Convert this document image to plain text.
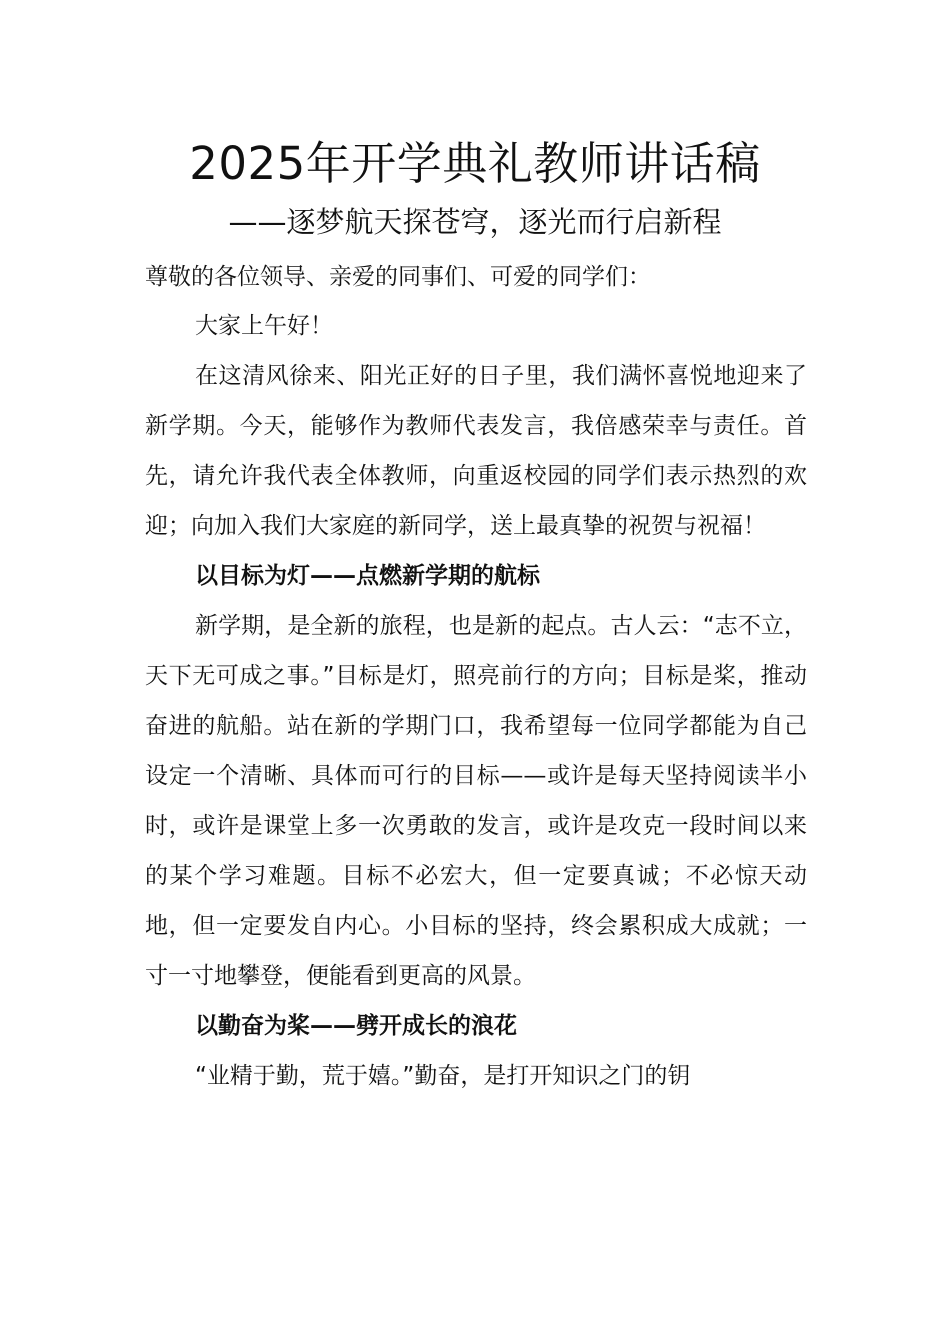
2025年开学典礼教师讲话稿
——逐梦航天探苍穹，逐光而行启新程
尊敬的各位领导、亲爱的同事们、可爱的同学们：

大家上午好！

在这清风徐来、阳光正好的日子里，我们满怀喜悦地迎来了新学期。今天，能够作为教师代表发言，我倍感荣幸与责任。首先，请允许我代表全体教师，向重返校园的同学们表示热烈的欢迎；向加入我们大家庭的新同学，送上最真挚的祝贺与祝福！

以目标为灯——点燃新学期的航标

新学期，是全新的旅程，也是新的起点。古人云：“志不立，天下无可成之事。”目标是灯，照亮前行的方向；目标是桨，推动奋进的航船。站在新的学期门口，我希望每一位同学都能为自己设定一个清晰、具体而可行的目标——或许是每天坚持阅读半小时，或许是课堂上多一次勇敢的发言，或许是攻克一段时间以来的某个学习难题。目标不必宏大，但一定要真诚；不必惊天动地，但一定要发自内心。小目标的坚持，终会累积成大成就；一寸一寸地攀登，便能看到更高的风景。

以勤奋为桨——劈开成长的浪花

“业精于勤，荒于嬉。”勤奋，是打开知识之门的钥
